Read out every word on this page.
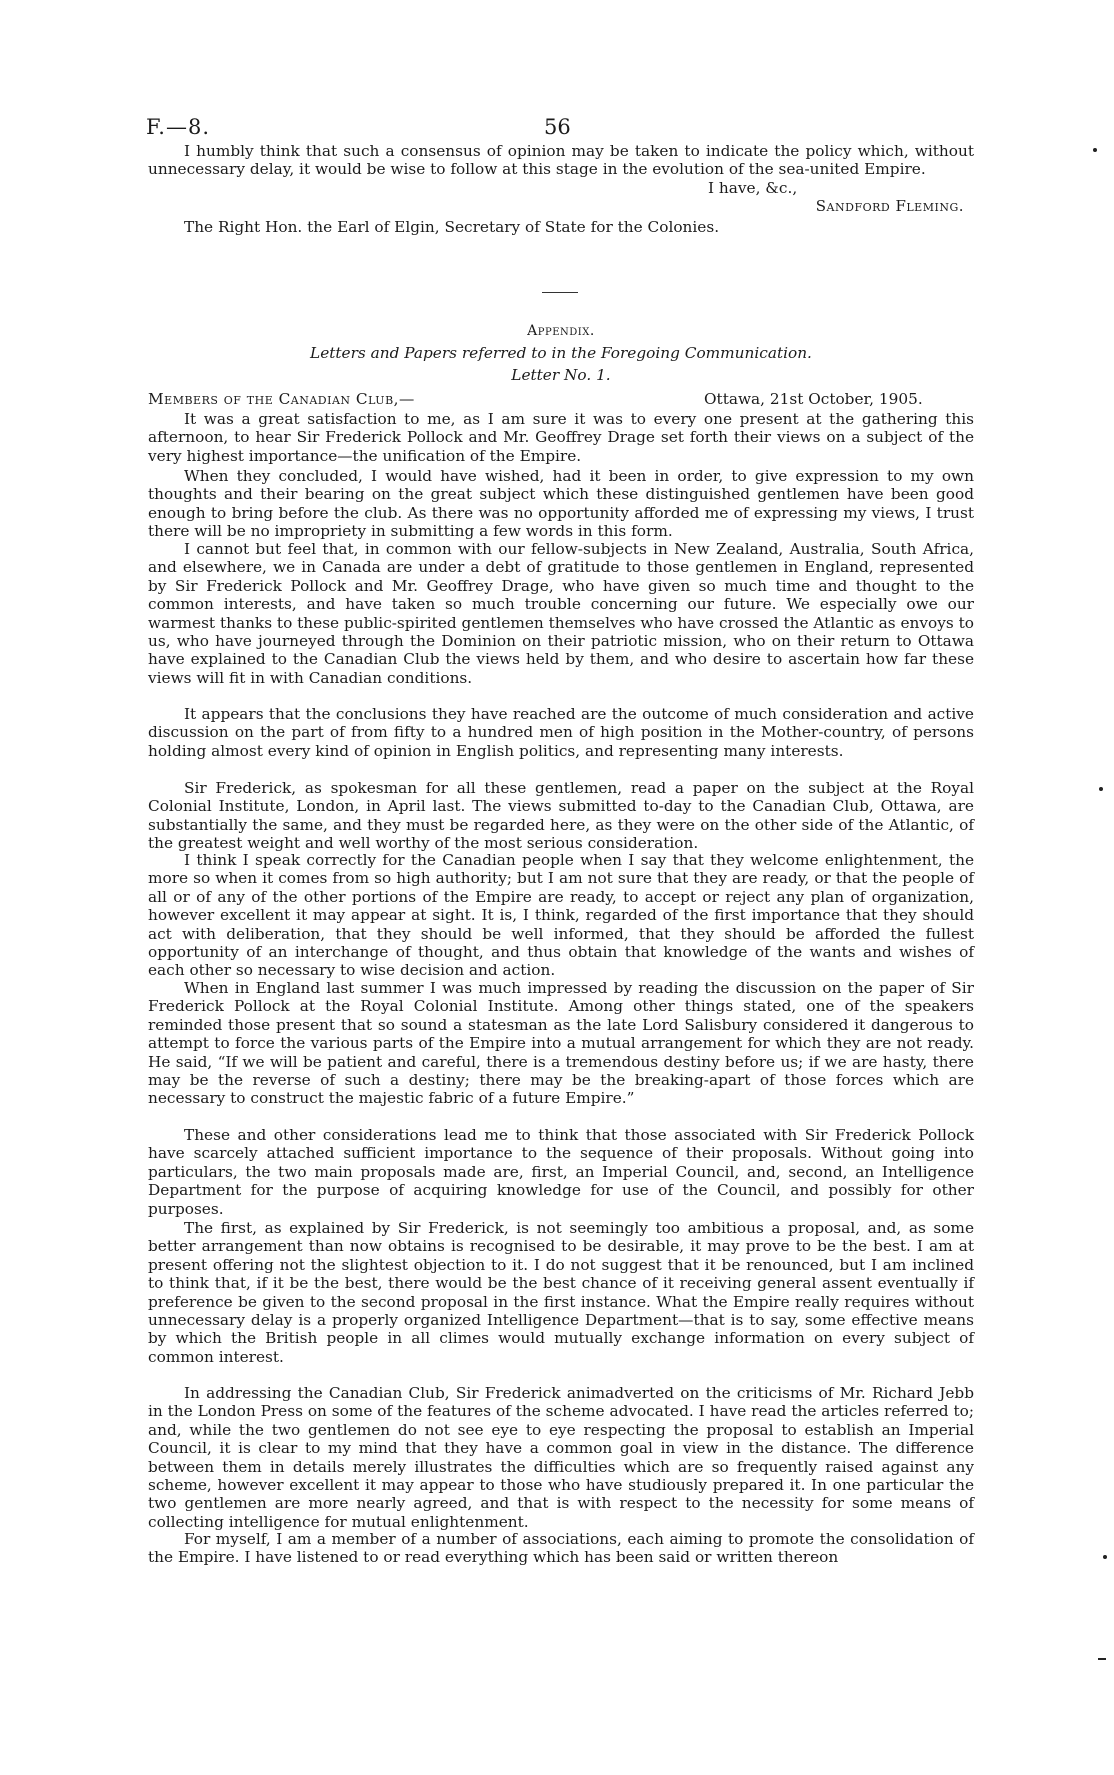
F.—8.	56
I humbly think that such a consensus of opinion may be taken to indicate the policy which, without unnecessary delay, it would be wise to follow at this stage in the evolution of the sea-united Empire.
I have, &c.,
Sandford Fleming.
The Right Hon. the Earl of Elgin, Secretary of State for the Colonies.
Appendix.
Letters and Papers referred to in the Foregoing Communication.
Letter No. 1.
Members of the Canadian Club,—	Ottawa, 21st October, 1905.
It was a great satisfaction to me, as I am sure it was to every one present at the gathering this afternoon, to hear Sir Frederick Pollock and Mr. Geoffrey Drage set forth their views on a subject of the very highest importance—the unification of the Empire.
When they concluded, I would have wished, had it been in order, to give expression to my own thoughts and their bearing on the great subject which these distinguished gentlemen have been good enough to bring before the club. As there was no opportunity afforded me of expressing my views, I trust there will be no impropriety in submitting a few words in this form.
I cannot but feel that, in common with our fellow-subjects in New Zealand, Australia, South Africa, and elsewhere, we in Canada are under a debt of gratitude to those gentlemen in England, represented by Sir Frederick Pollock and Mr. Geoffrey Drage, who have given so much time and thought to the common interests, and have taken so much trouble concerning our future. We especially owe our warmest thanks to these public-spirited gentlemen themselves who have crossed the Atlantic as envoys to us, who have journeyed through the Dominion on their patriotic mission, who on their return to Ottawa have explained to the Canadian Club the views held by them, and who desire to ascertain how far these views will fit in with Canadian conditions.
It appears that the conclusions they have reached are the outcome of much consideration and active discussion on the part of from fifty to a hundred men of high position in the Mother-country, of persons holding almost every kind of opinion in English politics, and representing many interests.
Sir Frederick, as spokesman for all these gentlemen, read a paper on the subject at the Royal Colonial Institute, London, in April last. The views submitted to-day to the Canadian Club, Ottawa, are substantially the same, and they must be regarded here, as they were on the other side of the Atlantic, of the greatest weight and well worthy of the most serious consideration.
I think I speak correctly for the Canadian people when I say that they welcome enlightenment, the more so when it comes from so high authority; but I am not sure that they are ready, or that the people of all or of any of the other portions of the Empire are ready, to accept or reject any plan of organization, however excellent it may appear at sight. It is, I think, regarded of the first importance that they should act with deliberation, that they should be well informed, that they should be afforded the fullest opportunity of an interchange of thought, and thus obtain that knowledge of the wants and wishes of each other so necessary to wise decision and action.
When in England last summer I was much impressed by reading the discussion on the paper of Sir Frederick Pollock at the Royal Colonial Institute. Among other things stated, one of the speakers reminded those present that so sound a statesman as the late Lord Salisbury considered it dangerous to attempt to force the various parts of the Empire into a mutual arrangement for which they are not ready. He said, “If we will be patient and careful, there is a tremendous destiny before us; if we are hasty, there may be the reverse of such a destiny; there may be the breaking-apart of those forces which are necessary to construct the majestic fabric of a future Empire.”
These and other considerations lead me to think that those associated with Sir Frederick Pollock have scarcely attached sufficient importance to the sequence of their proposals. Without going into particulars, the two main proposals made are, first, an Imperial Council, and, second, an Intelligence Department for the purpose of acquiring knowledge for use of the Council, and possibly for other purposes.
The first, as explained by Sir Frederick, is not seemingly too ambitious a proposal, and, as some better arrangement than now obtains is recognised to be desirable, it may prove to be the best. I am at present offering not the slightest objection to it. I do not suggest that it be renounced, but I am inclined to think that, if it be the best, there would be the best chance of it receiving general assent eventually if preference be given to the second proposal in the first instance. What the Empire really requires without unnecessary delay is a properly organized Intelligence Department—that is to say, some effective means by which the British people in all climes would mutually exchange information on every subject of common interest.
In addressing the Canadian Club, Sir Frederick animadverted on the criticisms of Mr. Richard Jebb in the London Press on some of the features of the scheme advocated. I have read the articles referred to; and, while the two gentlemen do not see eye to eye respecting the proposal to establish an Imperial Council, it is clear to my mind that they have a common goal in view in the distance. The difference between them in details merely illustrates the difficulties which are so frequently raised against any scheme, however excellent it may appear to those who have studiously prepared it. In one particular the two gentlemen are more nearly agreed, and that is with respect to the necessity for some means of collecting intelligence for mutual enlightenment.
For myself, I am a member of a number of associations, each aiming to promote the consolidation of the Empire. I have listened to or read everything which has been said or written thereon
